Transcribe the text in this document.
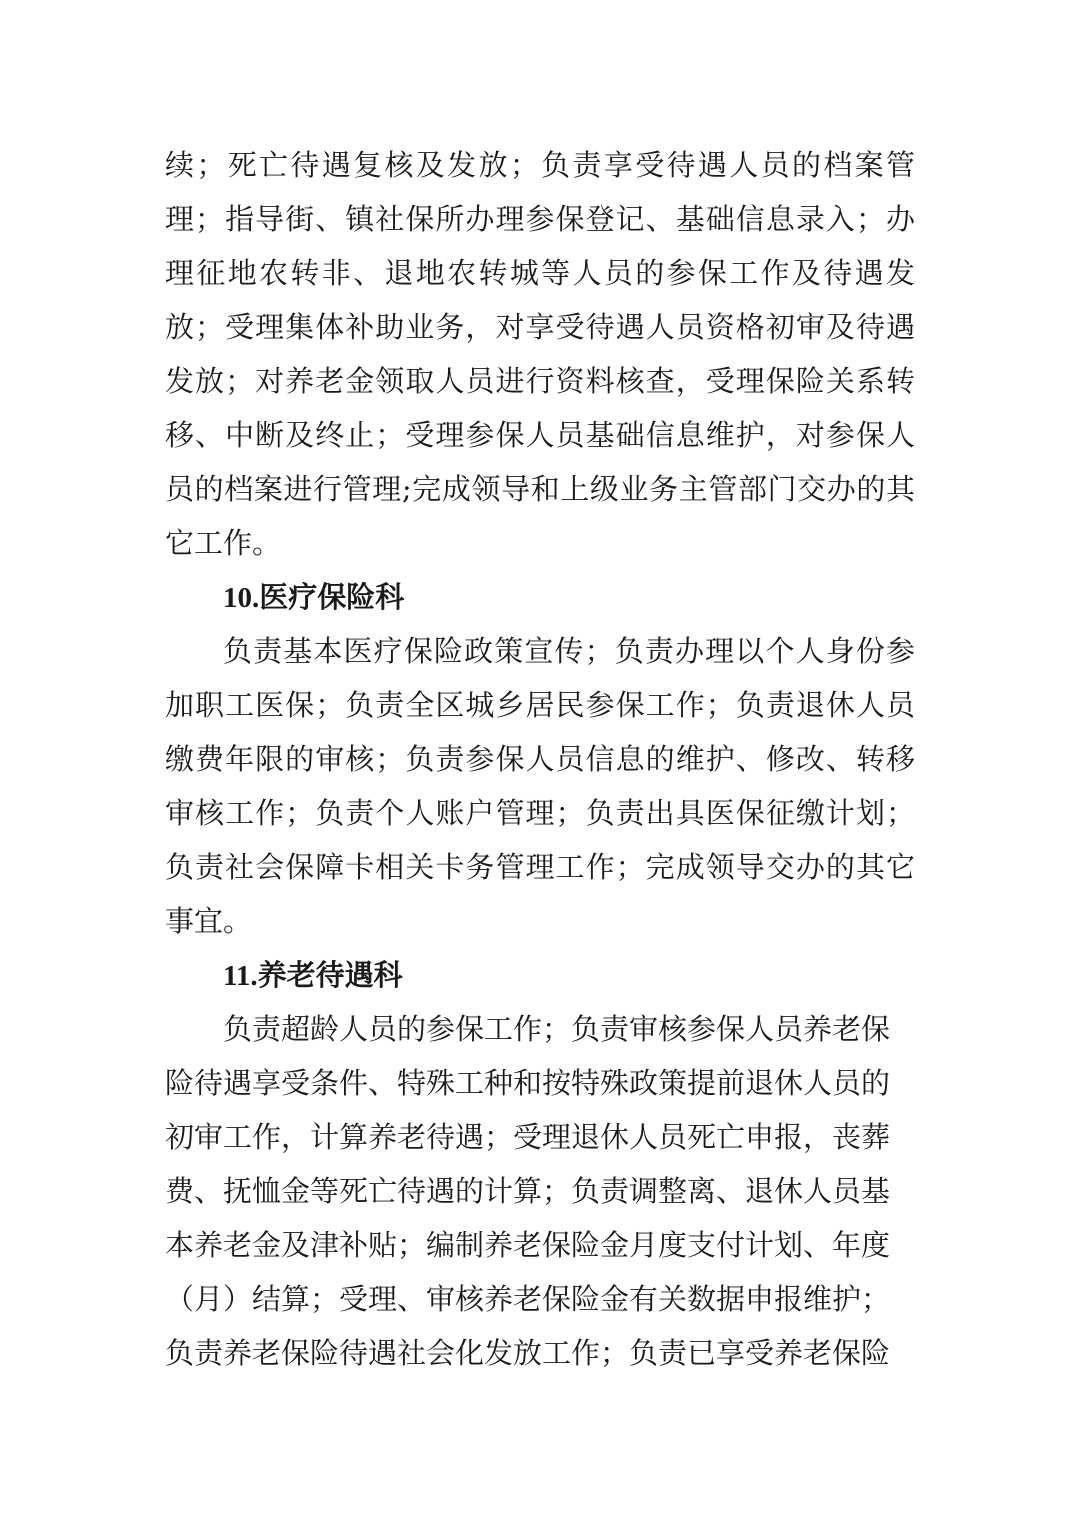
续；死亡待遇复核及发放；负责享受待遇人员的档案管
理；指导街、镇社保所办理参保登记、基础信息录入；办
理征地农转非、退地农转城等人员的参保工作及待遇发
放；受理集体补助业务，对享受待遇人员资格初审及待遇
发放；对养老金领取人员进行资料核查，受理保险关系转
移、中断及终止；受理参保人员基础信息维护，对参保人
员的档案进行管理;完成领导和上级业务主管部门交办的其
它工作。
10.医疗保险科
负责基本医疗保险政策宣传；负责办理以个人身份参
加职工医保；负责全区城乡居民参保工作；负责退休人员
缴费年限的审核；负责参保人员信息的维护、修改、转移
审核工作；负责个人账户管理；负责出具医保征缴计划；
负责社会保障卡相关卡务管理工作；完成领导交办的其它
事宜。
11.养老待遇科
负责超龄人员的参保工作；负责审核参保人员养老保
险待遇享受条件、特殊工种和按特殊政策提前退休人员的
初审工作，计算养老待遇；受理退休人员死亡申报，丧葬
费、抚恤金等死亡待遇的计算；负责调整离、退休人员基
本养老金及津补贴；编制养老保险金月度支付计划、年度
（月）结算；受理、审核养老保险金有关数据申报维护；
负责养老保险待遇社会化发放工作；负责已享受养老保险
